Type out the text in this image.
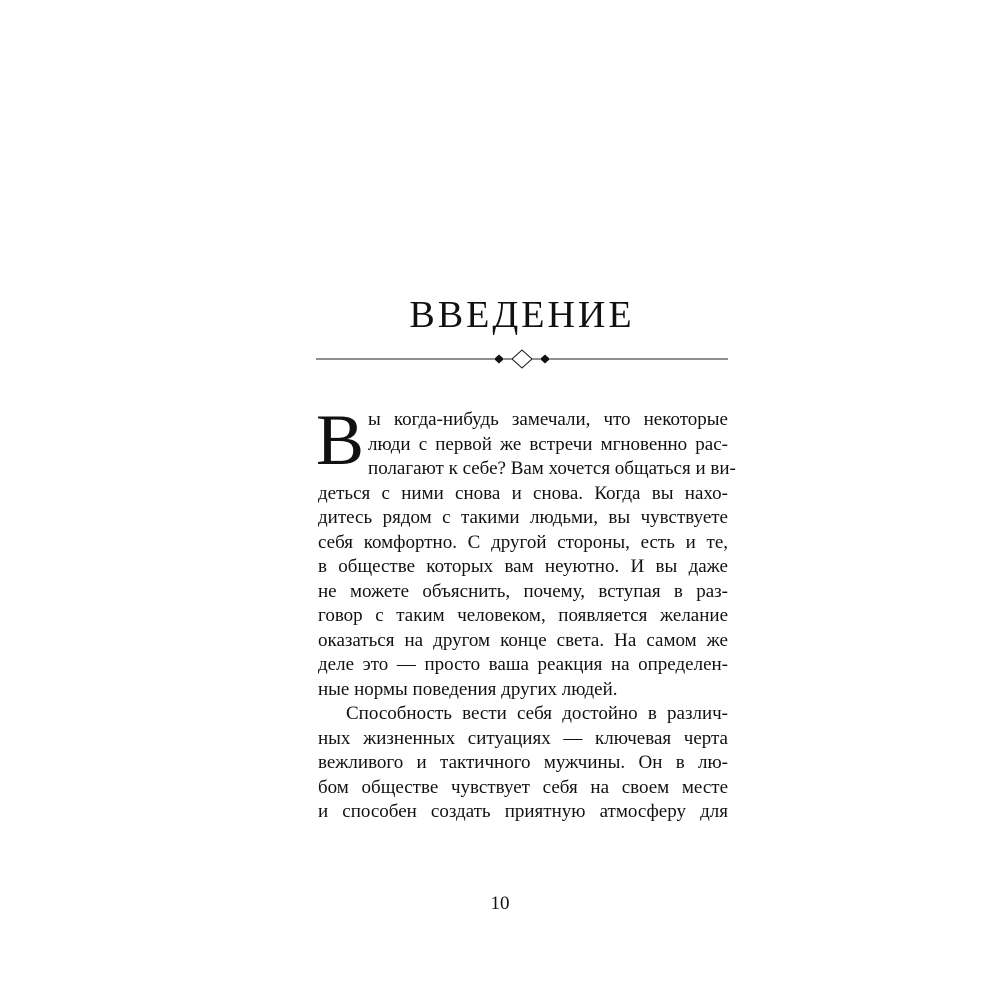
ВВЕДЕНИЕ
В ы когда-нибудь замечали, что некоторые
люди с первой же встречи мгновенно рас-
полагают к себе? Вам хочется общаться и ви-
деться с ними снова и снова. Когда вы нахо-
дитесь рядом с такими людьми, вы чувствуете
себя комфортно. С другой стороны, есть и те,
в обществе которых вам неуютно. И вы даже
не можете объяснить, почему, вступая в раз-
говор с таким человеком, появляется желание
оказаться на другом конце света. На самом же
деле это — просто ваша реакция на определен-
ные нормы поведения других людей.
Способность вести себя достойно в различ-
ных жизненных ситуациях — ключевая черта
вежливого и тактичного мужчины. Он в лю-
бом обществе чувствует себя на своем месте
и способен создать приятную атмосферу для
10
